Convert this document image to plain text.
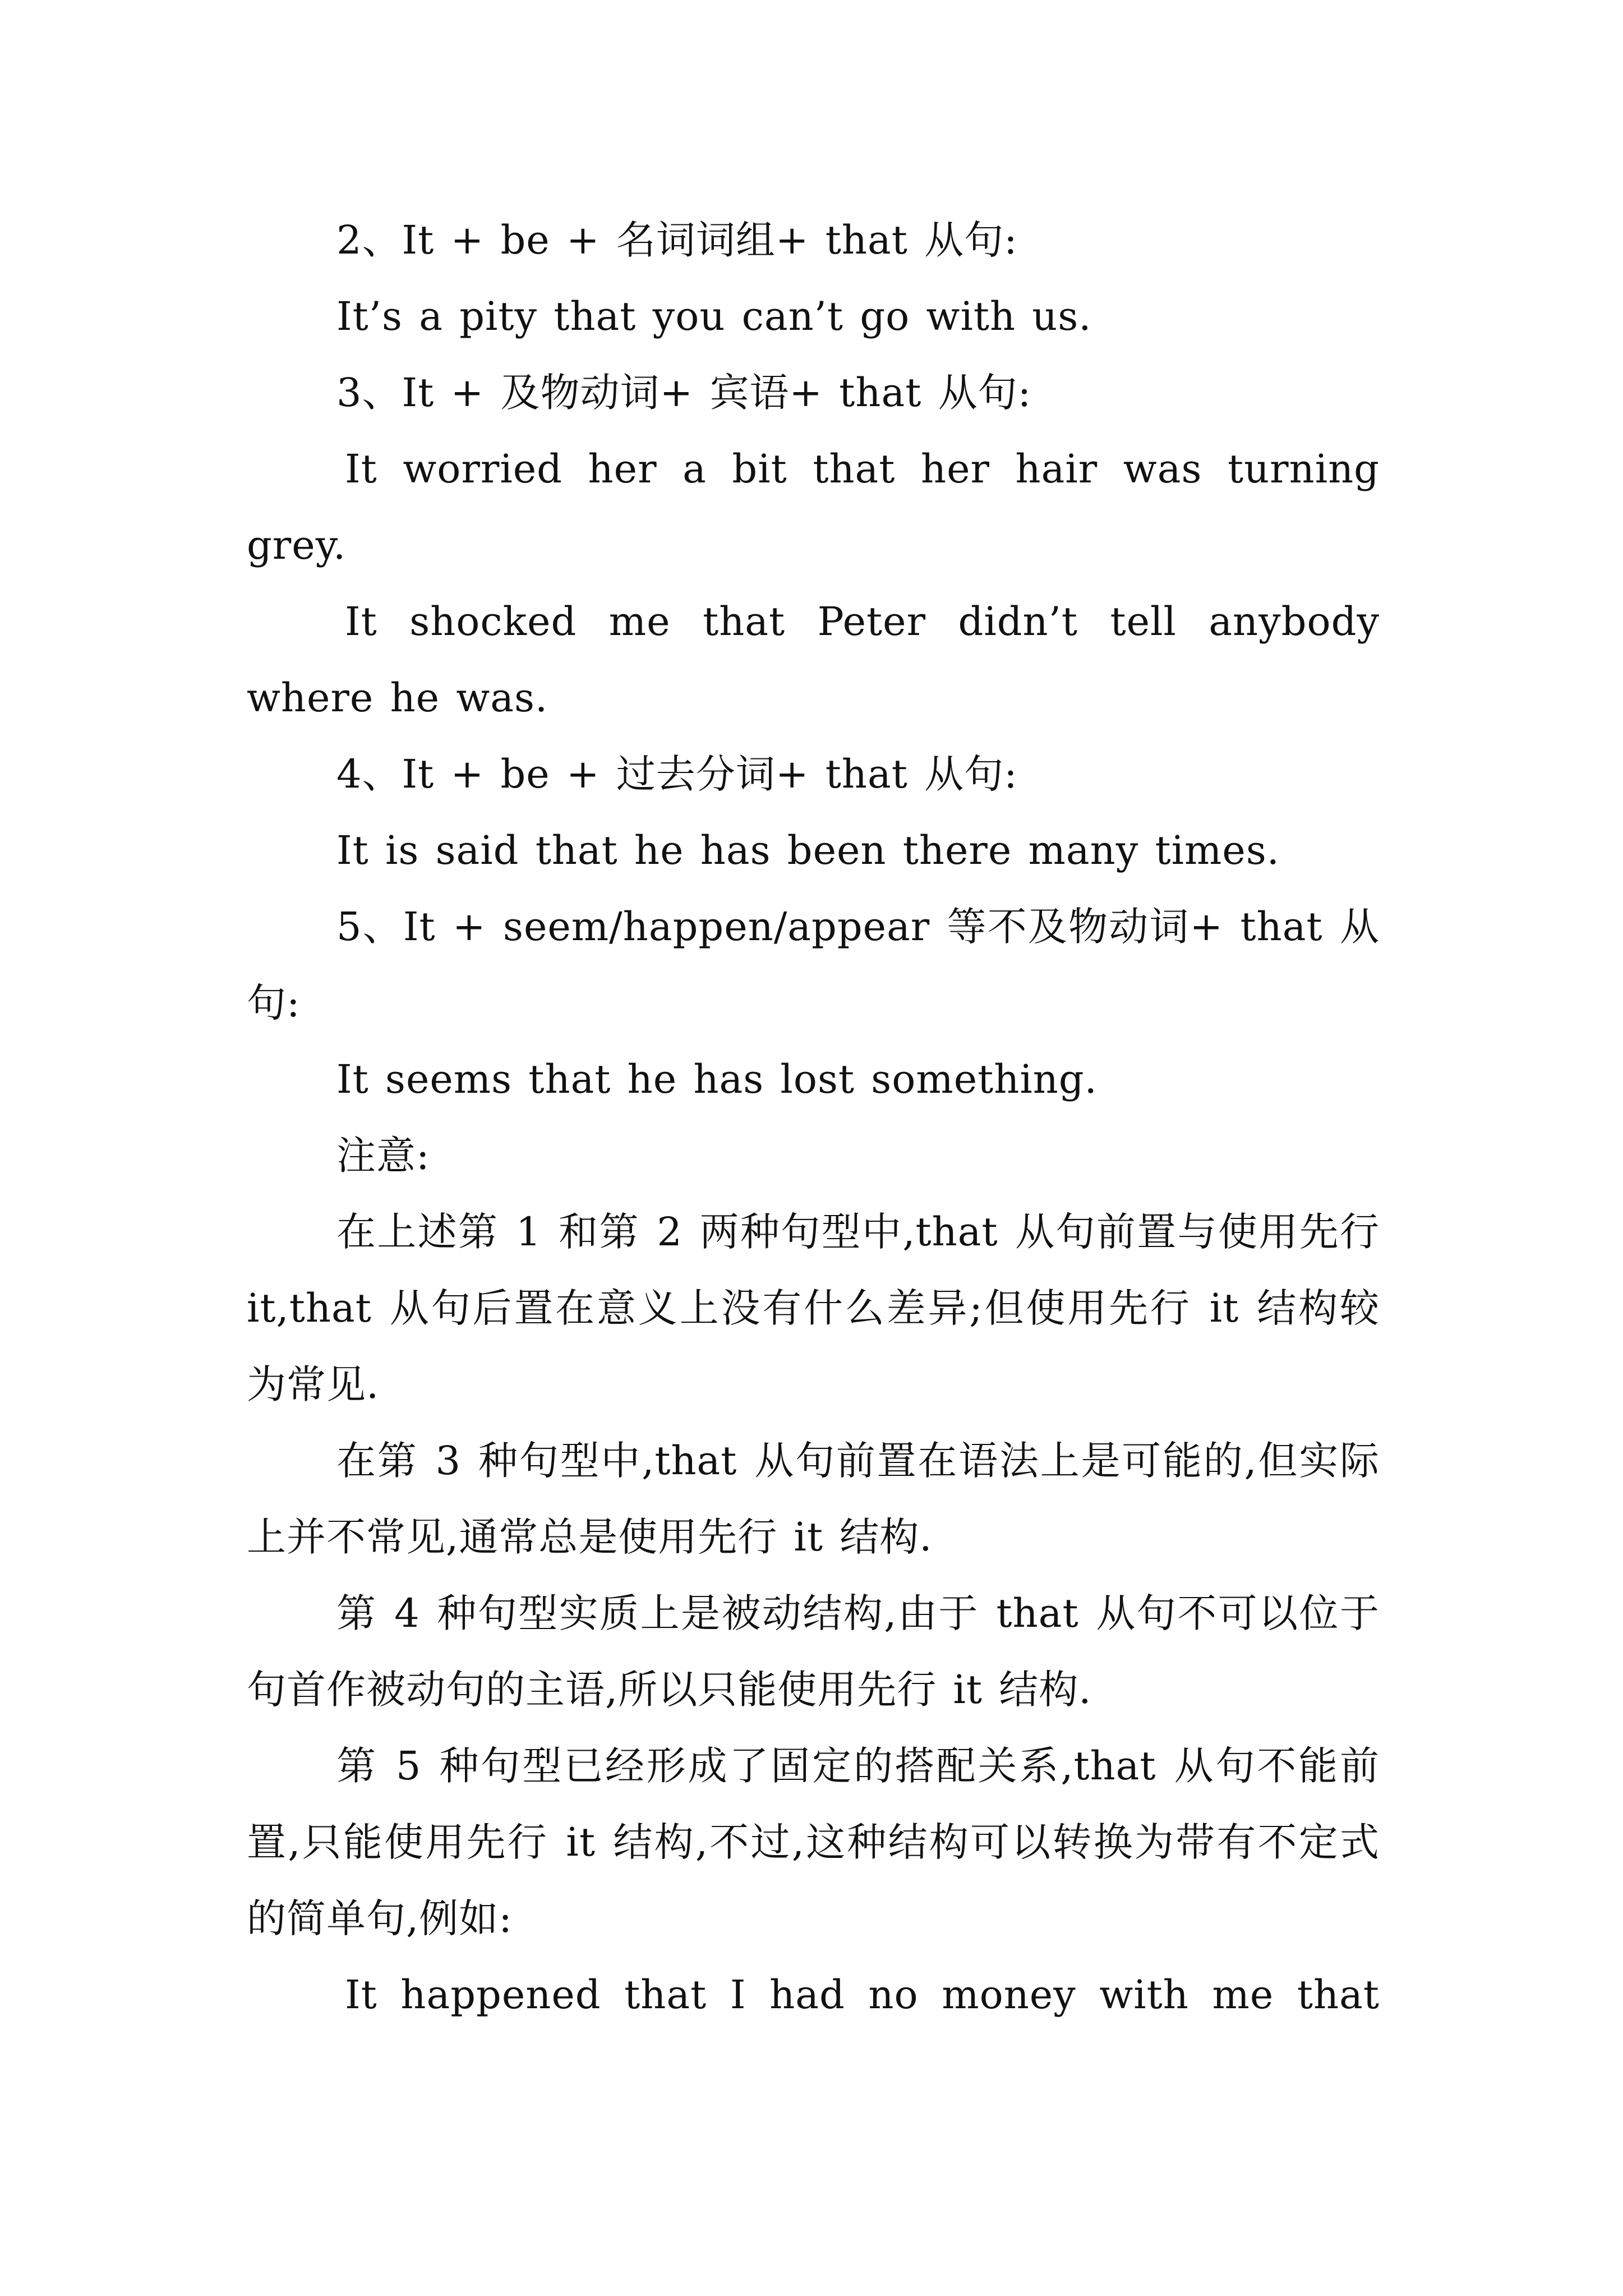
2、It + be + 名词词组+ that 从句:

It’s a pity that you can’t go with us.

3、It + 及物动词+ 宾语+ that 从句:

It worried her a bit that her hair was turning grey.

It shocked me that Peter didn’t tell anybody where he was.

4、It + be + 过去分词+ that 从句:

It is said that he has been there many times.

5、It + seem/happen/appear 等不及物动词+ that 从句:

It seems that he has lost something.

注意:

在上述第 1 和第 2 两种句型中,that 从句前置与使用先行 it,that 从句后置在意义上没有什么差异;但使用先行 it 结构较为常见.

在第 3 种句型中,that 从句前置在语法上是可能的,但实际上并不常见,通常总是使用先行 it 结构.

第 4 种句型实质上是被动结构,由于 that 从句不可以位于句首作被动句的主语,所以只能使用先行 it 结构.

第 5 种句型已经形成了固定的搭配关系,that 从句不能前置,只能使用先行 it 结构,不过,这种结构可以转换为带有不定式的简单句,例如:

It happened that I had no money with me that
